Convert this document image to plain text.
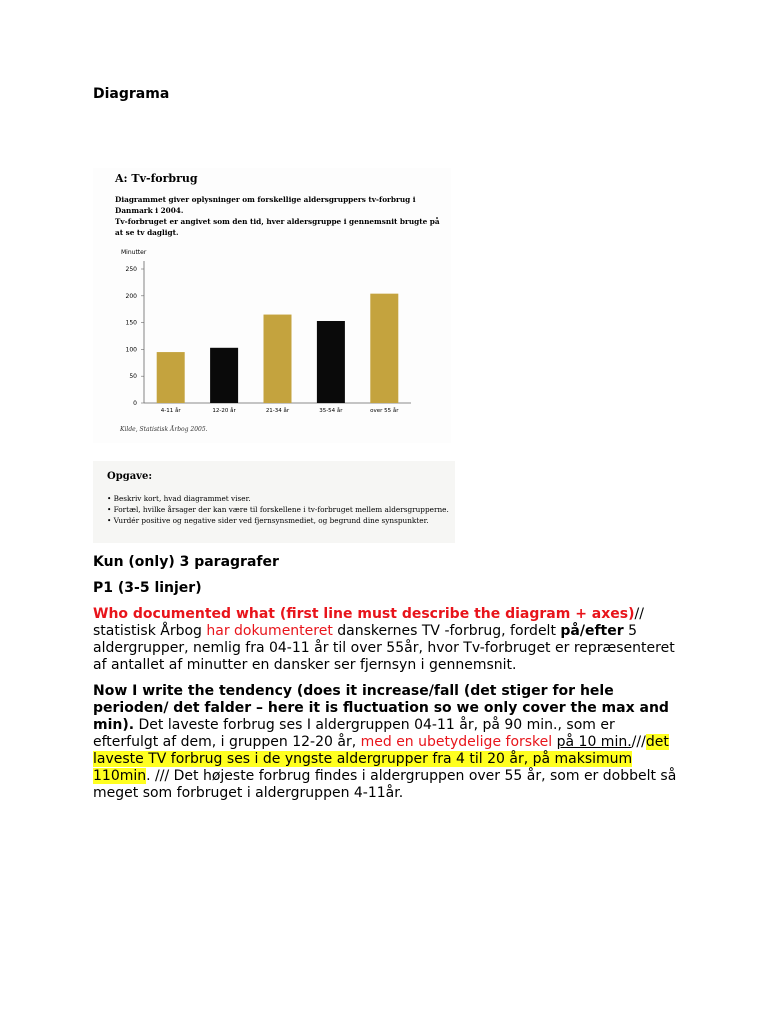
Diagrama

A: Tv-forbrug

Diagrammet giver oplysninger om forskellige aldersgruppers tv-forbrug i Danmark i 2004.
Tv-forbruget er angivet som den tid, hver aldersgruppe i gennemsnit brugte på at se tv dagligt.

Minutter
0
50
100
150
200
250
4-11 år	12-20 år	21-34 år	35-54 år	over 55 år

Kilde, Statistisk Årbog 2005.

Opgave:

• Beskriv kort, hvad diagrammet viser.
• Fortæl, hvilke årsager der kan være til forskellene i tv-forbruget mellem aldersgrupperne.
• Vurdér positive og negative sider ved fjernsynsmediet, og begrund dine synspunkter.

Kun (only) 3 paragrafer

P1 (3-5 linjer)

Who documented what (first line must describe the diagram + axes)// statistisk Årbog har dokumenteret danskernes TV -forbrug, fordelt på/efter 5 aldergrupper, nemlig fra 04-11 år til over 55år, hvor Tv-forbruget er repræsenteret af antallet af minutter en dansker ser fjernsyn i gennemsnit.

Now I write the tendency (does it increase/fall (det stiger for hele perioden/ det falder – here it is fluctuation so we only cover the max and min). Det laveste forbrug ses I aldergruppen 04-11 år, på 90 min., som er efterfulgt af dem, i gruppen 12-20 år, med en ubetydelige forskel på 10 min.///det laveste TV forbrug ses i de yngste aldergrupper fra 4 til 20 år, på maksimum 110min. /// Det højeste forbrug findes i aldergruppen over 55 år, som er dobbelt så meget som forbruget i aldergruppen 4-11år.
